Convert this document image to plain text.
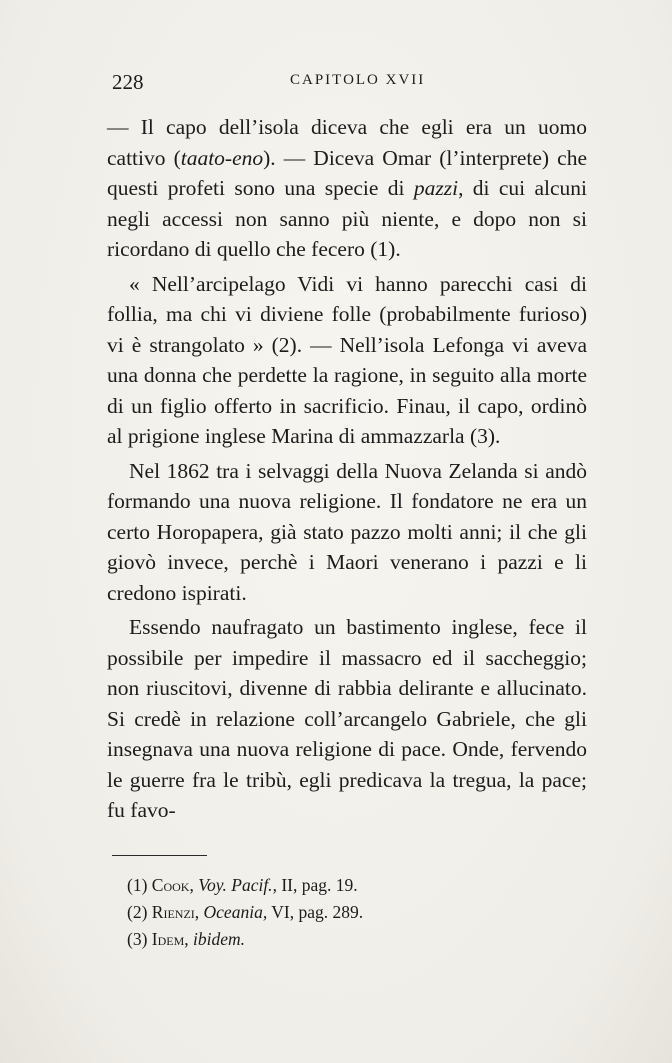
228	CAPITOLO XVII

— Il capo dell’isola diceva che egli era un uomo cattivo (taato-eno). — Diceva Omar (l’interprete) che questi profeti sono una specie di pazzi, di cui alcuni negli accessi non sanno più niente, e dopo non si ricordano di quello che fecero (1).

« Nell’arcipelago Vidi vi hanno parecchi casi di follia, ma chi vi diviene folle (probabilmente furioso) vi è strangolato » (2). — Nell’isola Lefonga vi aveva una donna che perdette la ragione, in seguito alla morte di un figlio offerto in sacrificio. Finau, il capo, ordinò al prigione inglese Marina di ammazzarla (3).

Nel 1862 tra i selvaggi della Nuova Zelanda si andò formando una nuova religione. Il fondatore ne era un certo Horopapera, già stato pazzo molti anni; il che gli giovò invece, perchè i Maori venerano i pazzi e li credono ispirati.

Essendo naufragato un bastimento inglese, fece il possibile per impedire il massacro ed il saccheggio; non riuscitovi, divenne di rabbia delirante e allucinato. Si credè in relazione coll’arcangelo Gabriele, che gli insegnava una nuova religione di pace. Onde, fervendo le guerre fra le tribù, egli predicava la tregua, la pace; fu favo-

(1) Cook, Voy. Pacif., II, pag. 19.

(2) Rienzi, Oceania, VI, pag. 289.

(3) Idem, ibidem.
